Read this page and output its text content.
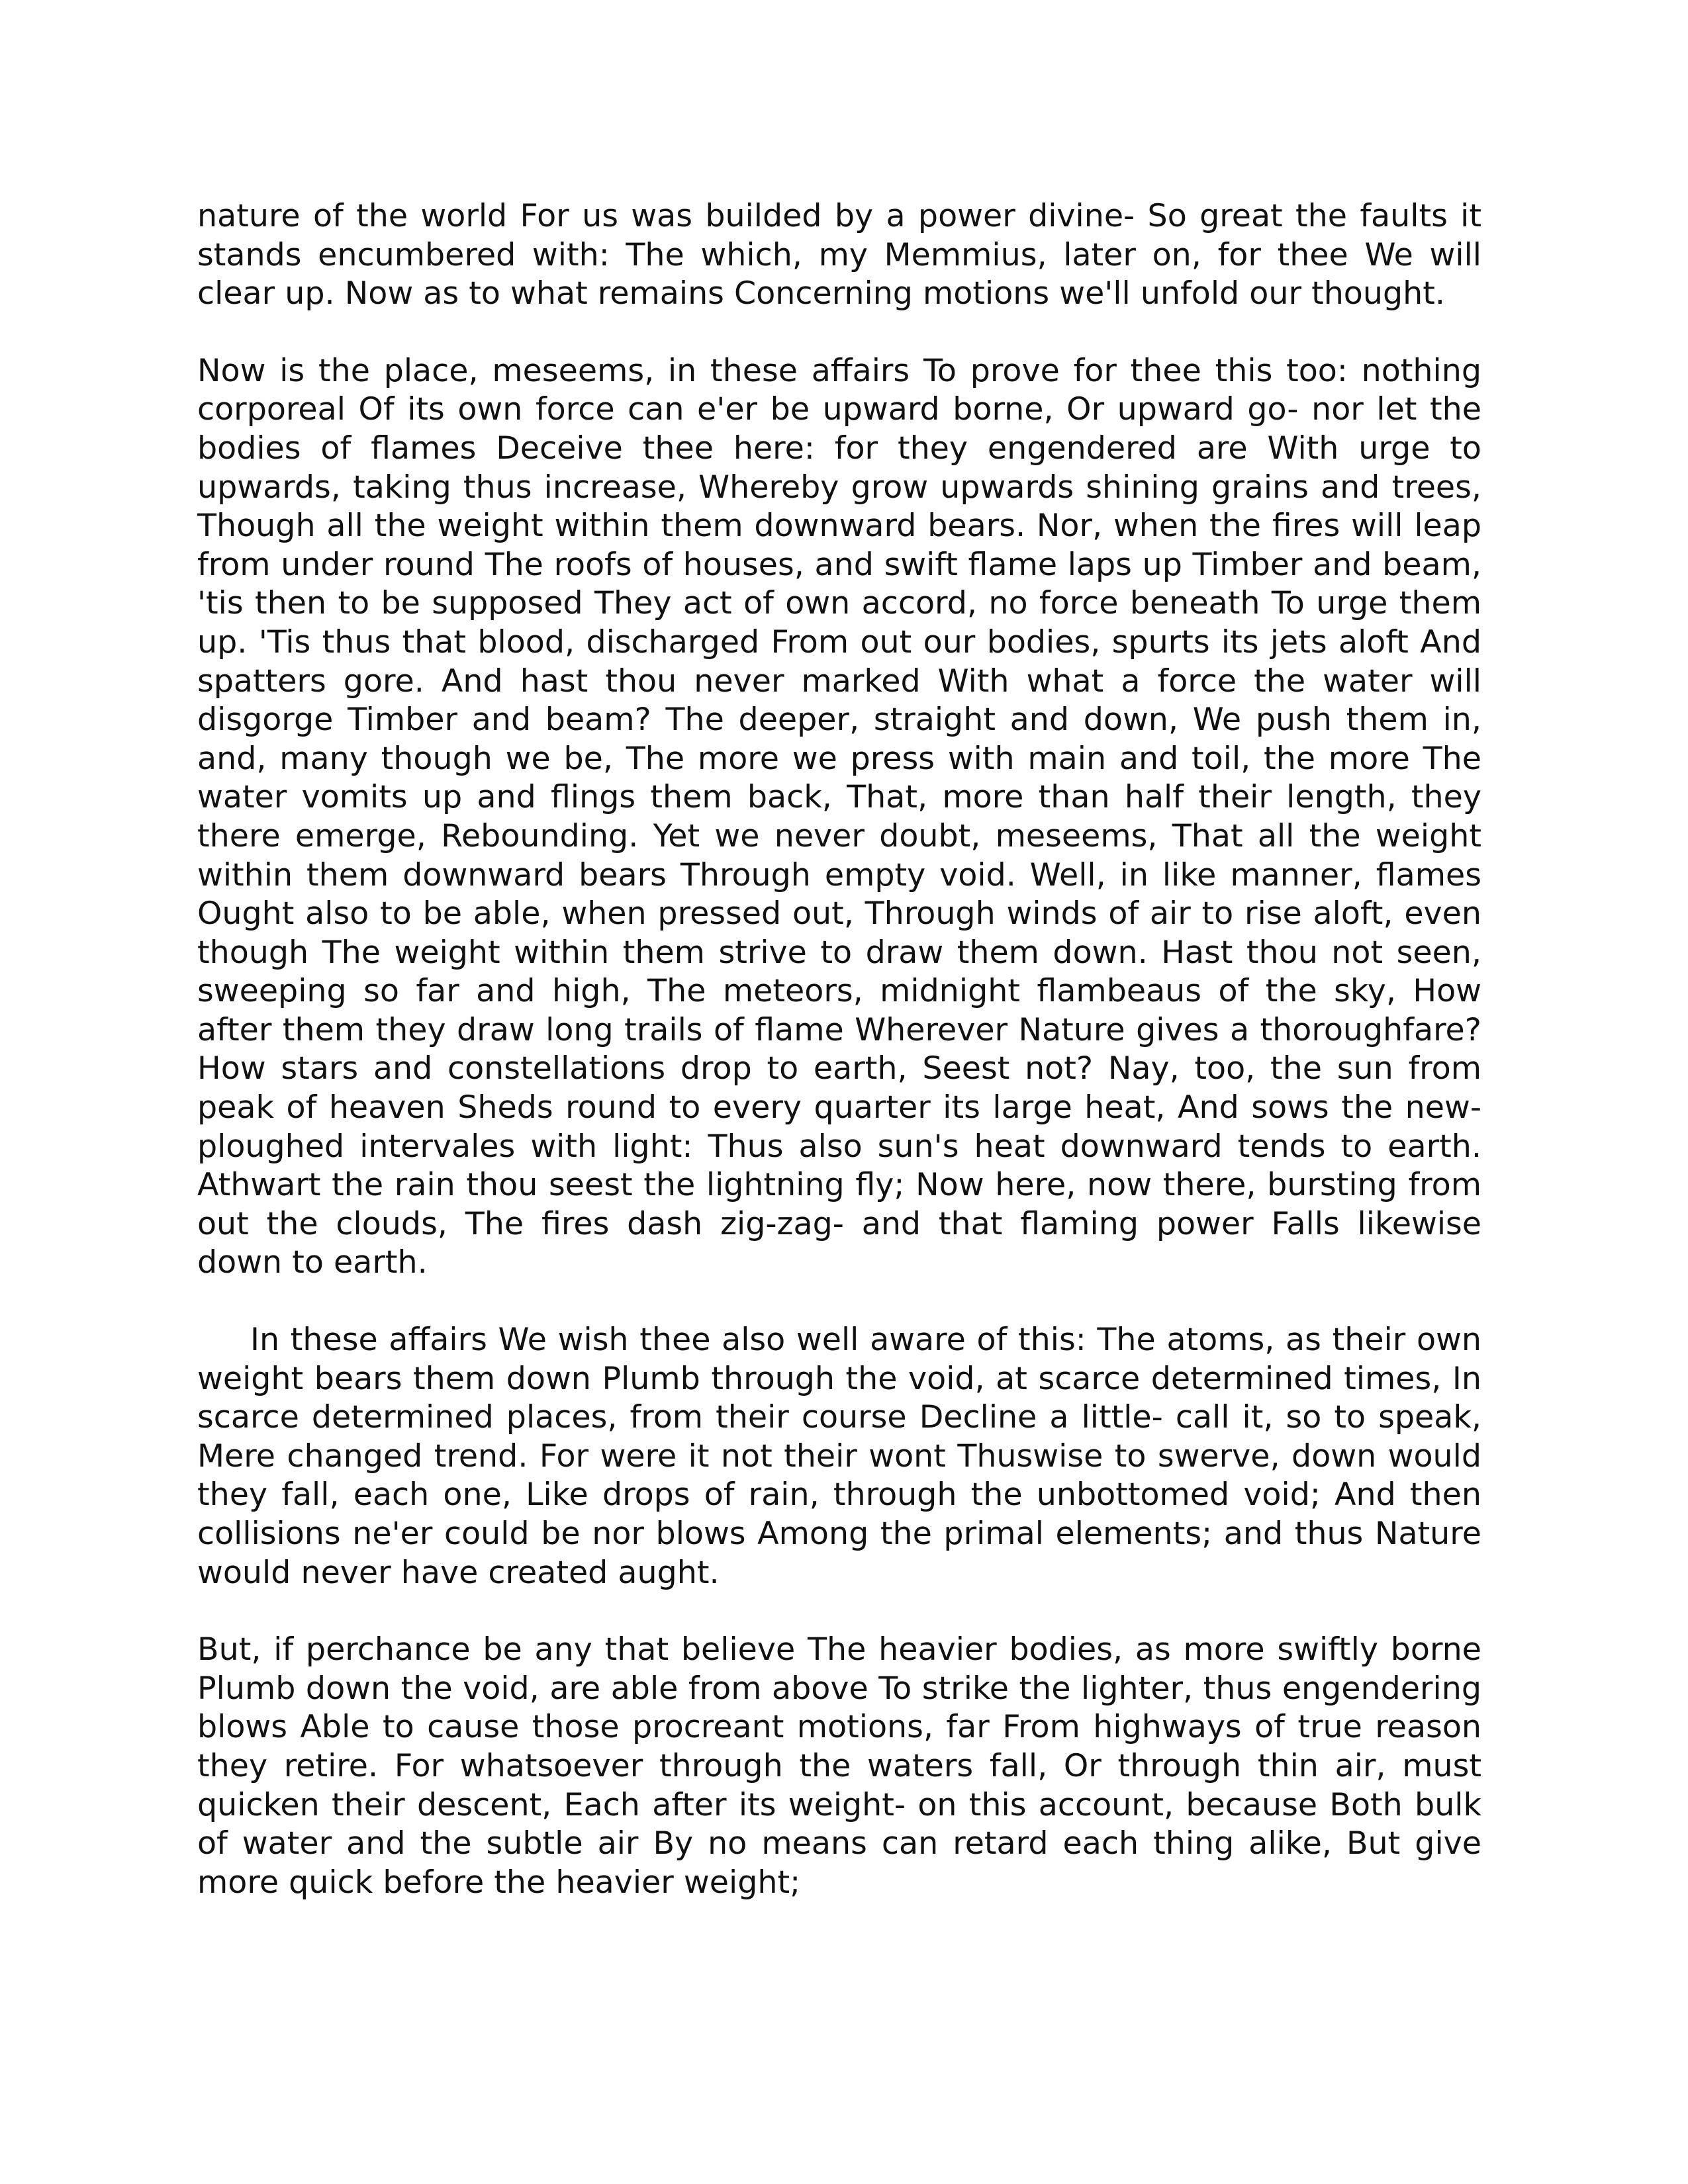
nature of the world For us was builded by a power divine- So great the faults it stands encumbered with: The which, my Memmius, later on, for thee We will clear up. Now as to what remains Concerning motions we'll unfold our thought.

Now is the place, meseems, in these affairs To prove for thee this too: nothing corporeal Of its own force can e'er be upward borne, Or upward go- nor let the bodies of flames Deceive thee here: for they engendered are With urge to upwards, taking thus increase, Whereby grow upwards shining grains and trees, Though all the weight within them downward bears. Nor, when the fires will leap from under round The roofs of houses, and swift flame laps up Timber and beam, 'tis then to be supposed They act of own accord, no force beneath To urge them up. 'Tis thus that blood, discharged From out our bodies, spurts its jets aloft And spatters gore. And hast thou never marked With what a force the water will disgorge Timber and beam? The deeper, straight and down, We push them in, and, many though we be, The more we press with main and toil, the more The water vomits up and flings them back, That, more than half their length, they there emerge, Rebounding. Yet we never doubt, meseems, That all the weight within them downward bears Through empty void. Well, in like manner, flames Ought also to be able, when pressed out, Through winds of air to rise aloft, even though The weight within them strive to draw them down. Hast thou not seen, sweeping so far and high, The meteors, midnight flambeaus of the sky, How after them they draw long trails of flame Wherever Nature gives a thoroughfare? How stars and constellations drop to earth, Seest not? Nay, too, the sun from peak of heaven Sheds round to every quarter its large heat, And sows the new-ploughed intervales with light: Thus also sun's heat downward tends to earth. Athwart the rain thou seest the lightning fly; Now here, now there, bursting from out the clouds, The fires dash zig-zag- and that flaming power Falls likewise down to earth.

In these affairs We wish thee also well aware of this: The atoms, as their own weight bears them down Plumb through the void, at scarce determined times, In scarce determined places, from their course Decline a little- call it, so to speak, Mere changed trend. For were it not their wont Thuswise to swerve, down would they fall, each one, Like drops of rain, through the unbottomed void; And then collisions ne'er could be nor blows Among the primal elements; and thus Nature would never have created aught.

But, if perchance be any that believe The heavier bodies, as more swiftly borne Plumb down the void, are able from above To strike the lighter, thus engendering blows Able to cause those procreant motions, far From highways of true reason they retire. For whatsoever through the waters fall, Or through thin air, must quicken their descent, Each after its weight- on this account, because Both bulk of water and the subtle air By no means can retard each thing alike, But give more quick before the heavier weight;
